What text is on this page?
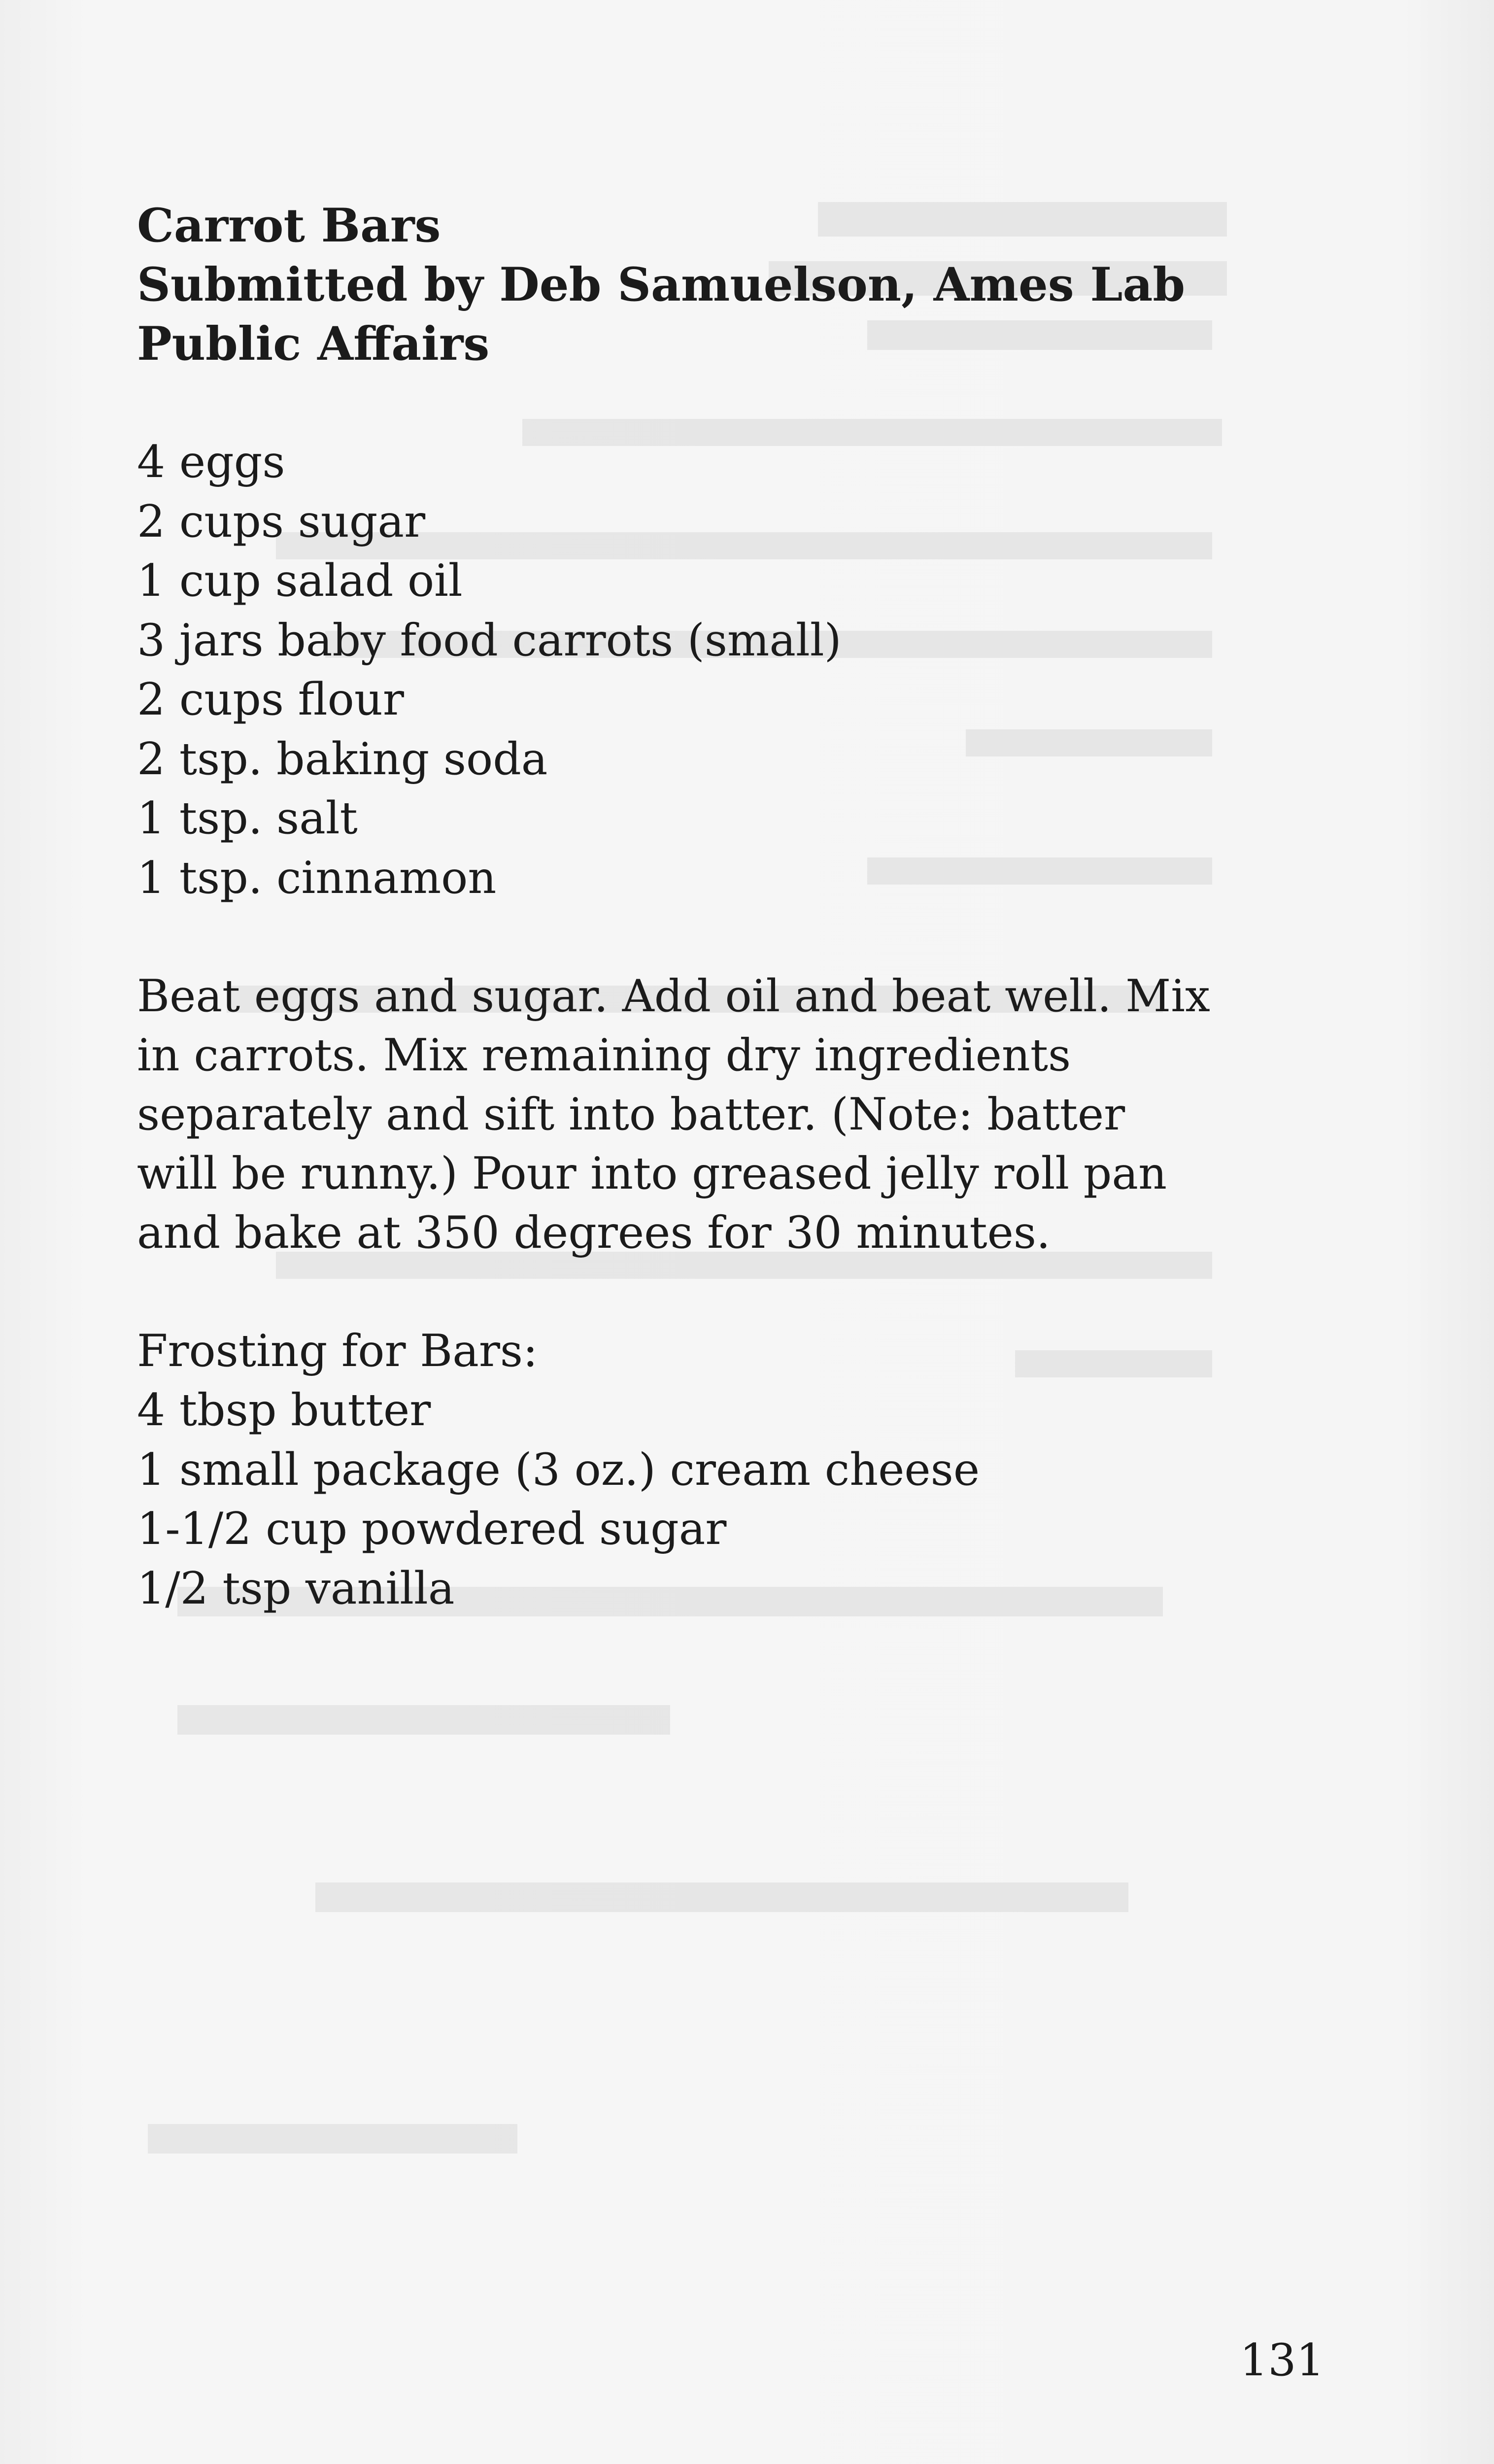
Carrot Bars
Submitted by Deb Samuelson, Ames Lab
Public Affairs
4 eggs
2 cups sugar
1 cup salad oil
3 jars baby food carrots (small)
2 cups flour
2 tsp. baking soda
1 tsp. salt
1 tsp. cinnamon
Beat eggs and sugar. Add oil and beat well. Mix
in carrots. Mix remaining dry ingredients
separately and sift into batter. (Note: batter
will be runny.) Pour into greased jelly roll pan
and bake at 350 degrees for 30 minutes.
Frosting for Bars:
4 tbsp butter
1 small package (3 oz.) cream cheese
1-1/2 cup powdered sugar
1/2 tsp vanilla
131
